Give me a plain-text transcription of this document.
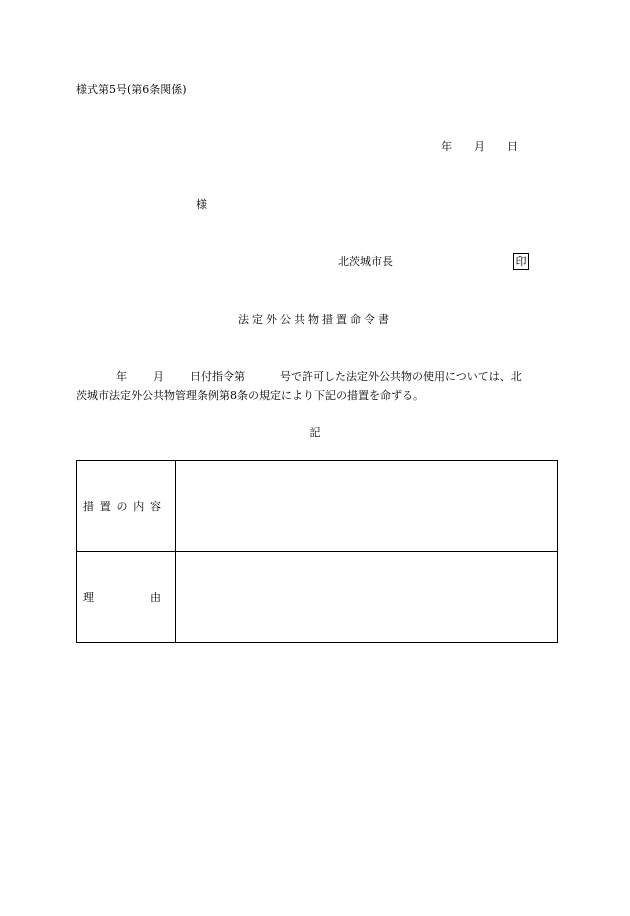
様式第5号(第6条関係)
年 月 日
様
北茨城市長	印
法定外公共物措置命令書
年 月 日付指令第	号で許可した法定外公共物の使用については、北
茨城市法定外公共物管理条例第8条の規定により下記の措置を命ずる。
記
措 置 の 内 容	

理 由	
